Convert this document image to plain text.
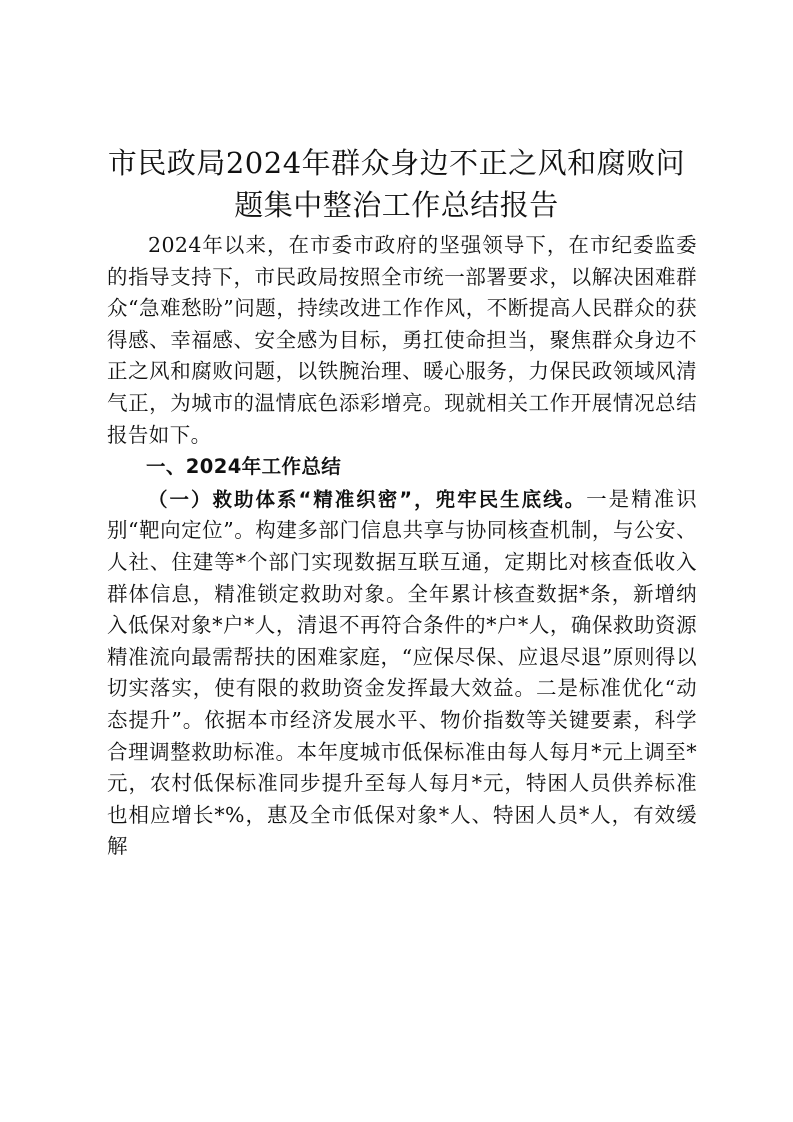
市民政局2024年群众身边不正之风和腐败问
题集中整治工作总结报告

2024年以来，在市委市政府的坚强领导下，在市纪委监委的指导支持下，市民政局按照全市统一部署要求，以解决困难群众“急难愁盼”问题，持续改进工作作风，不断提高人民群众的获得感、幸福感、安全感为目标，勇扛使命担当，聚焦群众身边不正之风和腐败问题，以铁腕治理、暖心服务，力保民政领域风清气正，为城市的温情底色添彩增亮。现就相关工作开展情况总结报告如下。

一、2024年工作总结

（一）救助体系“精准织密”，兜牢民生底线。一是精准识别“靶向定位”。构建多部门信息共享与协同核查机制，与公安、人社、住建等*个部门实现数据互联互通，定期比对核查低收入群体信息，精准锁定救助对象。全年累计核查数据*条，新增纳入低保对象*户*人，清退不再符合条件的*户*人，确保救助资源精准流向最需帮扶的困难家庭，“应保尽保、应退尽退”原则得以切实落实，使有限的救助资金发挥最大效益。二是标准优化“动态提升”。依据本市经济发展水平、物价指数等关键要素，科学合理调整救助标准。本年度城市低保标准由每人每月*元上调至*元，农村低保标准同步提升至每人每月*元，特困人员供养标准也相应增长*%，惠及全市低保对象*人、特困人员*人，有效缓解
